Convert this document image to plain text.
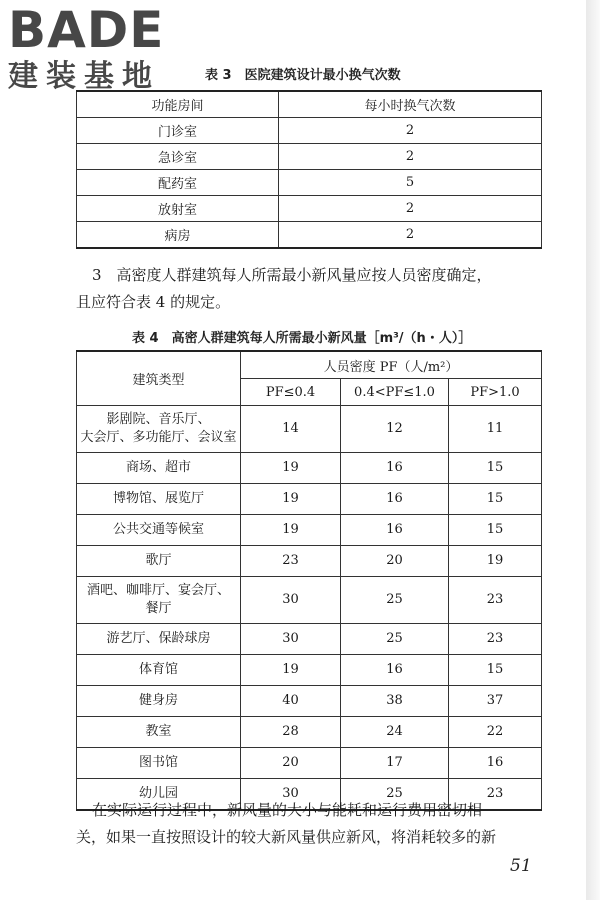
BADE
建装基地	表 3　医院建筑设计最小换气次数
功能房间	每小时换气次数
门诊室	2
急诊室	2
配药室	5
放射室	2
病房	2

3　高密度人群建筑每人所需最小新风量应按人员密度确定，

且应符合表 4 的规定。

表 4　高密人群建筑每人所需最小新风量［m³/（h・人）］
建筑类型	人员密度 PF（人/m²）		
	PF≤0.4	0.4<PF≤1.0	PF>1.0
影剧院、音乐厅、
大会厅、多功能厅、会议室	14	12	11
商场、超市	19	16	15
博物馆、展览厅	19	16	15
公共交通等候室	19	16	15
歌厅	23	20	19
酒吧、咖啡厅、宴会厅、
餐厅	30	25	23
游艺厅、保龄球房	30	25	23
体育馆	19	16	15
健身房	40	38	37
教室	28	24	22
图书馆	20	17	16
幼儿园	30	25	23

在实际运行过程中，新风量的大小与能耗和运行费用密切相

关，如果一直按照设计的较大新风量供应新风，将消耗较多的新

51
